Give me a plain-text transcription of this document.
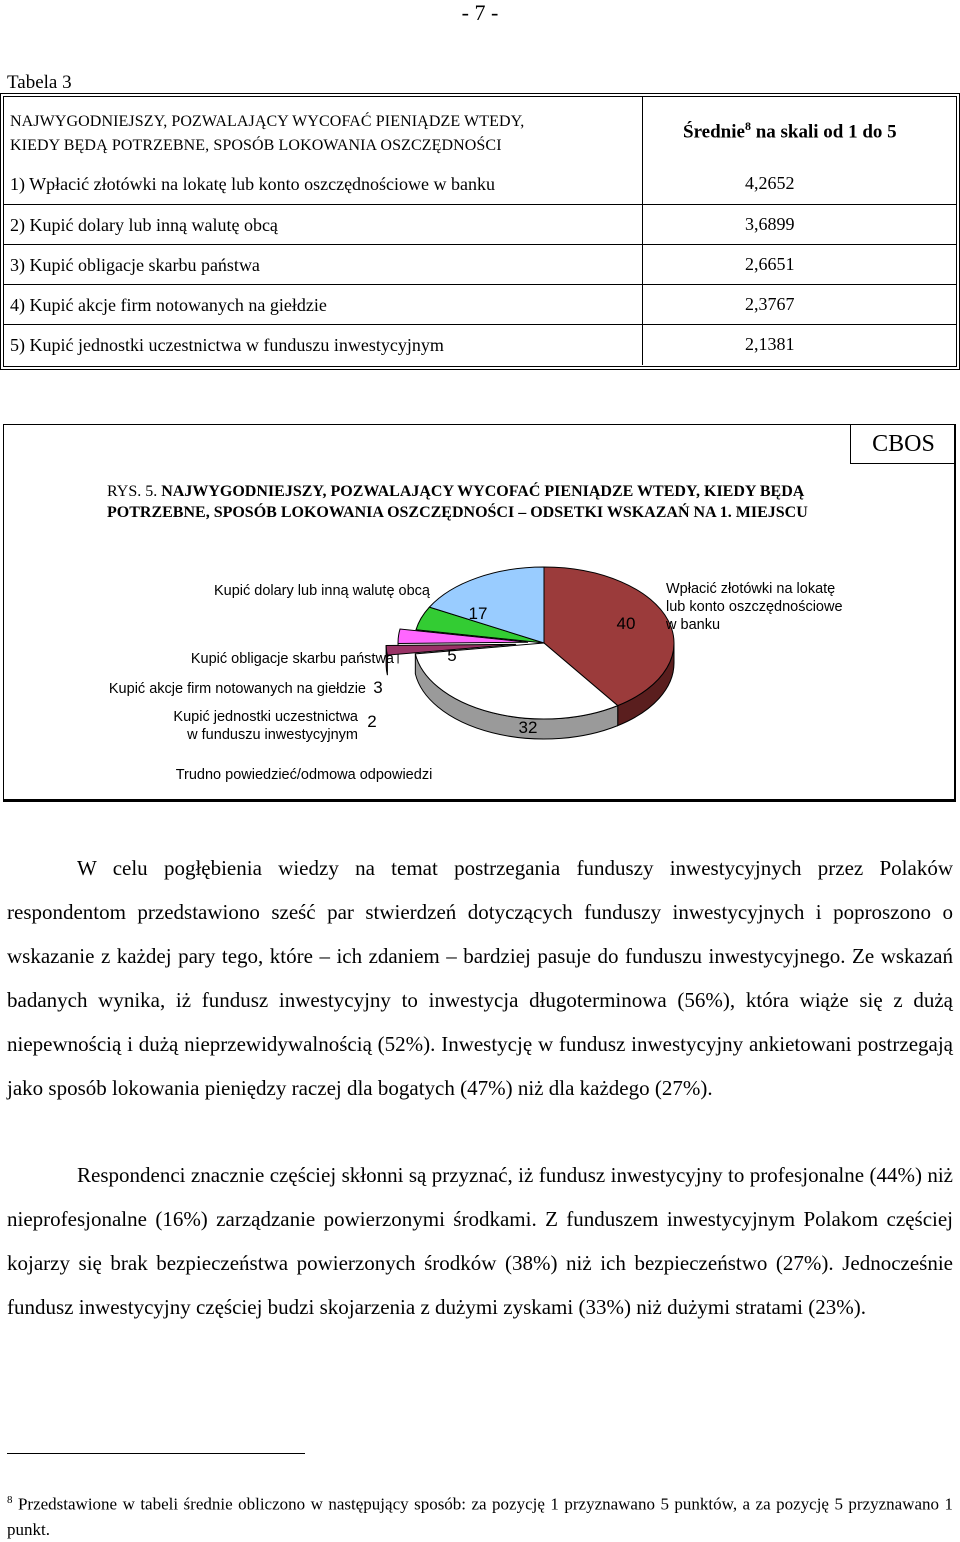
- 7 -
Tabela 3
NAJWYGODNIEJSZY, POZWALAJĄCY WYCOFAĆ PIENIĄDZE WTEDY,
KIEDY BĘDĄ POTRZEBNE, SPOSÓB LOKOWANIA OSZCZĘDNOŚCI
Średnie$^8$ na skali od 1 do 5
1) Wpłacić złotówki na lokatę lub konto oszczędnościowe w banku	4,2652
2) Kupić dolary lub inną walutę obcą	3,6899
3) Kupić obligacje skarbu państwa	2,6651
4) Kupić akcje firm notowanych na giełdzie	2,3767
5) Kupić jednostki uczestnictwa w funduszu inwestycyjnym	2,1381
CBOS
RYS. 5. NAJWYGODNIEJSZY, POZWALAJĄCY WYCOFAĆ PIENIĄDZE WTEDY, KIEDY BĘDĄ POTRZEBNE, SPOSÓB LOKOWANIA OSZCZĘDNOŚCI – ODSETKI WSKAZAŃ NA 1. MIEJSCU
40
32
2
3
5
17
Wpłacić złotówki na lokatę
lub konto oszczędnościowe
w banku
Trudno powiedzieć/odmowa odpowiedzi
Kupić jednostki uczestnictwa
w funduszu inwestycyjnym
Kupić akcje firm notowanych na giełdzie
Kupić obligacje skarbu państwa
Kupić dolary lub inną walutę obcą
W celu pogłębienia wiedzy na temat postrzegania funduszy inwestycyjnych przez Polaków respondentom przedstawiono sześć par stwierdzeń dotyczących funduszy inwestycyjnych i poproszono o wskazanie z każdej pary tego, które – ich zdaniem – bardziej pasuje do funduszu inwestycyjnego. Ze wskazań badanych wynika, iż fundusz inwestycyjny to inwestycja długoterminowa (56%), która wiąże się z dużą niepewnością i dużą nieprzewidywalnością (52%). Inwestycję w fundusz inwestycyjny ankietowani postrzegają jako sposób lokowania pieniędzy raczej dla bogatych (47%) niż dla każdego (27%).
Respondenci znacznie częściej skłonni są przyznać, iż fundusz inwestycyjny to profesjonalne (44%) niż nieprofesjonalne (16%) zarządzanie powierzonymi środkami. Z funduszem inwestycyjnym Polakom częściej kojarzy się brak bezpieczeństwa powierzonych środków (38%) niż ich bezpieczeństwo (27%). Jednocześnie fundusz inwestycyjny częściej budzi skojarzenia z dużymi zyskami (33%) niż dużymi stratami (23%).
$^8$ Przedstawione w tabeli średnie obliczono w następujący sposób: za pozycję 1 przyznawano 5 punktów, a za pozycję 5 przyznawano 1 punkt.
